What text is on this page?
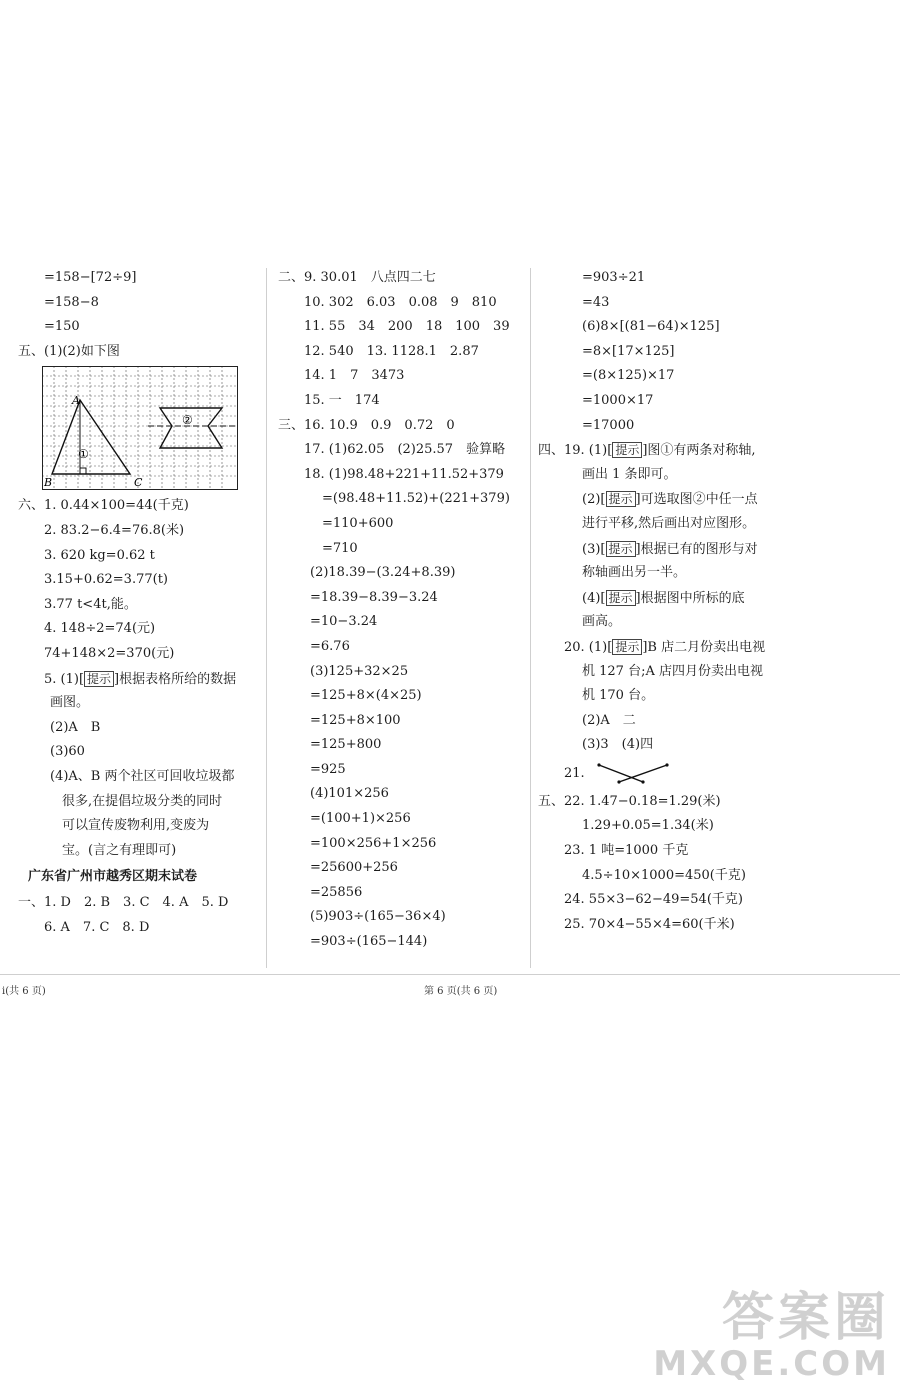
=158−[72÷9]
=158−8
=150
五、(1)(2)如下图
A
B	C
①
②
六、1. 0.44×100=44(千克)
2. 83.2−6.4=76.8(米)
3. 620 kg=0.62 t
3.15+0.62=3.77(t)
3.77 t<4t,能。
4. 148÷2=74(元)
74+148×2=370(元)
5. (1)[ 提示 ]根据表格所给的数据
画图。
(2)A　B
(3)60
(4)A、B 两个社区可回收垃圾都
很多,在提倡垃圾分类的同时
可以宣传废物利用,变废为
宝。(言之有理即可)
广东省广州市越秀区期末试卷
一、1. D　2. B　3. C　4. A　5. D
6. A　7. C　8. D
二、9. 30.01　八点四二七
10. 302　6.03　0.08　9　810
11. 55　34　200　18　100　39
12. 540　13. 1128.1　2.87
14. 1　7　3473
15. 一　174
三、16. 10.9　0.9　0.72　0
17. (1)62.05　(2)25.57　验算略
18. (1)98.48+221+11.52+379
=(98.48+11.52)+(221+379)
=110+600
=710
(2)18.39−(3.24+8.39)
=18.39−8.39−3.24
=10−3.24
=6.76
(3)125+32×25
=125+8×(4×25)
=125+8×100
=125+800
=925
(4)101×256
=(100+1)×256
=100×256+1×256
=25600+256
=25856
(5)903÷(165−36×4)
=903÷(165−144)
=903÷21
=43
(6)8×[(81−64)×125]
=8×[17×125]
=(8×125)×17
=1000×17
=17000
四、19. (1)[ 提示 ]图①有两条对称轴,
画出 1 条即可。
(2)[ 提示 ]可选取图②中任一点
进行平移,然后画出对应图形。
(3)[ 提示 ]根据已有的图形与对
称轴画出另一半。
(4)[ 提示 ]根据图中所标的底
画高。
20. (1)[ 提示 ]B 店二月份卖出电视
机 127 台;A 店四月份卖出电视
机 170 台。
(2)A　二
(3)3　(4)四
21.
五、22. 1.47−0.18=1.29(米)
1.29+0.05=1.34(米)
23. 1 吨=1000 千克
4.5÷10×1000=450(千克)
24. 55×3−62−49=54(千克)
25. 70×4−55×4=60(千米)
i(共 6 页)	第 6 页(共 6 页)
答案圈
MXQE.COM
